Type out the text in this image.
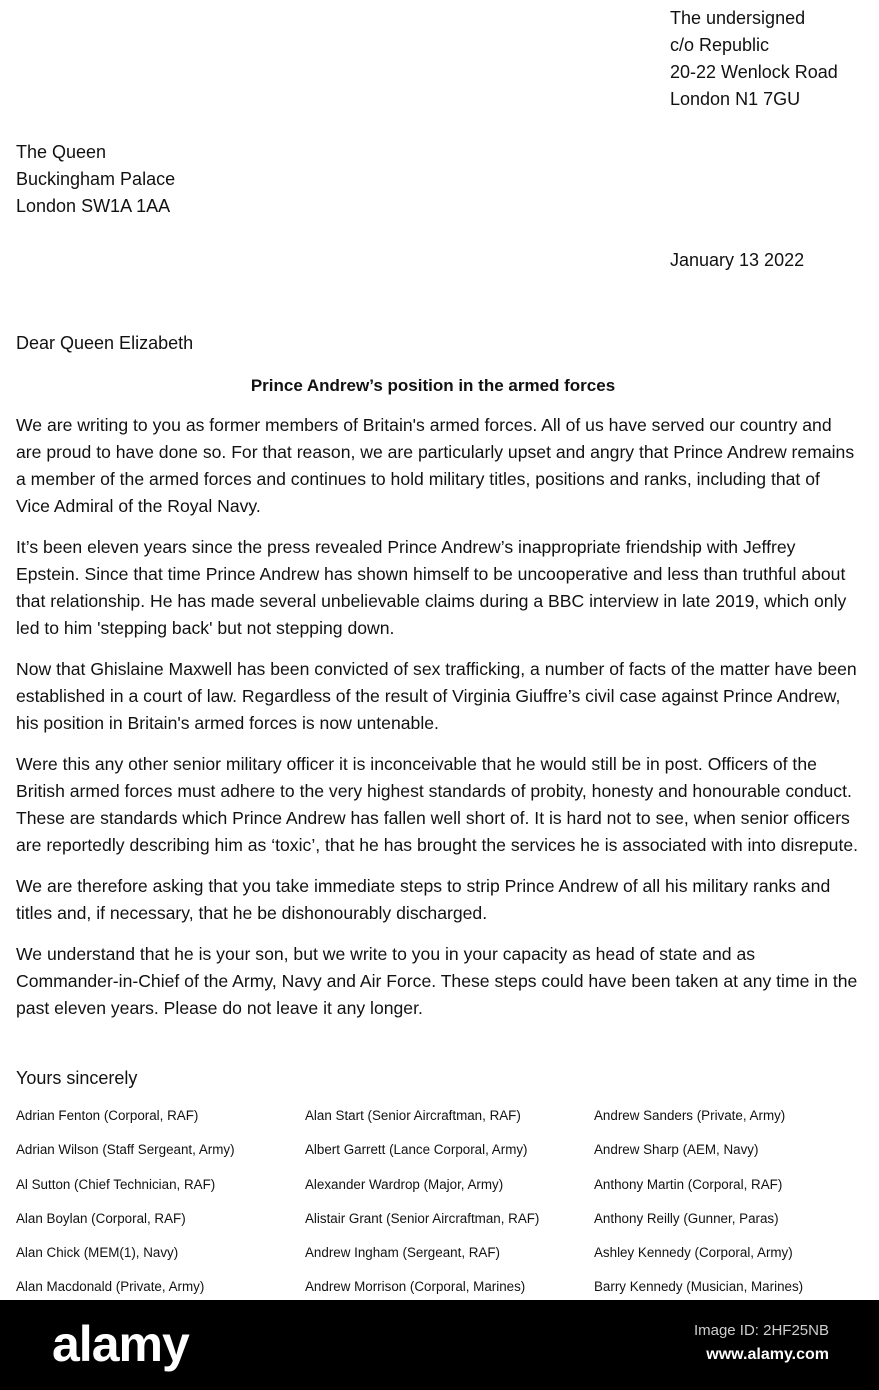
The undersigned
c/o Republic
20-22 Wenlock Road
London N1 7GU
The Queen
Buckingham Palace
London SW1A 1AA
January 13 2022
Dear Queen Elizabeth
Prince Andrew’s position in the armed forces

We are writing to you as former members of Britain's armed forces. All of us have served our country and are proud to have done so. For that reason, we are particularly upset and angry that Prince Andrew remains a member of the armed forces and continues to hold military titles, positions and ranks, including that of Vice Admiral of the Royal Navy.

It’s been eleven years since the press revealed Prince Andrew’s inappropriate friendship with Jeffrey Epstein. Since that time Prince Andrew has shown himself to be uncooperative and less than truthful about that relationship. He has made several unbelievable claims during a BBC interview in late 2019, which only led to him 'stepping back' but not stepping down.

Now that Ghislaine Maxwell has been convicted of sex trafficking, a number of facts of the matter have been established in a court of law. Regardless of the result of Virginia Giuffre’s civil case against Prince Andrew, his position in Britain's armed forces is now untenable.

Were this any other senior military officer it is inconceivable that he would still be in post. Officers of the British armed forces must adhere to the very highest standards of probity, honesty and honourable conduct. These are standards which Prince Andrew has fallen well short of. It is hard not to see, when senior officers are reportedly describing him as ‘toxic’, that he has brought the services he is associated with into disrepute.

We are therefore asking that you take immediate steps to strip Prince Andrew of all his military ranks and titles and, if necessary, that he be dishonourably discharged.

We understand that he is your son, but we write to you in your capacity as head of state and as Commander-in-Chief of the Army, Navy and Air Force. These steps could have been taken at any time in the past eleven years. Please do not leave it any longer.

Yours sincerely
Adrian Fenton (Corporal, RAF)	Alan Start (Senior Aircraftman, RAF)	Andrew Sanders (Private, Army)
Adrian Wilson (Staff Sergeant, Army)	Albert Garrett (Lance Corporal, Army)	Andrew Sharp (AEM, Navy)
Al Sutton (Chief Technician, RAF)	Alexander Wardrop (Major, Army)	Anthony Martin (Corporal, RAF)
Alan Boylan (Corporal, RAF)	Alistair Grant (Senior Aircraftman, RAF)	Anthony Reilly (Gunner, Paras)
Alan Chick (MEM(1), Navy)	Andrew Ingham (Sergeant, RAF)	Ashley Kennedy (Corporal, Army)
Alan Macdonald (Private, Army)	Andrew Morrison (Corporal, Marines)	Barry Kennedy (Musician, Marines)
alamy	Image ID: 2HF25NB
www.alamy.com
